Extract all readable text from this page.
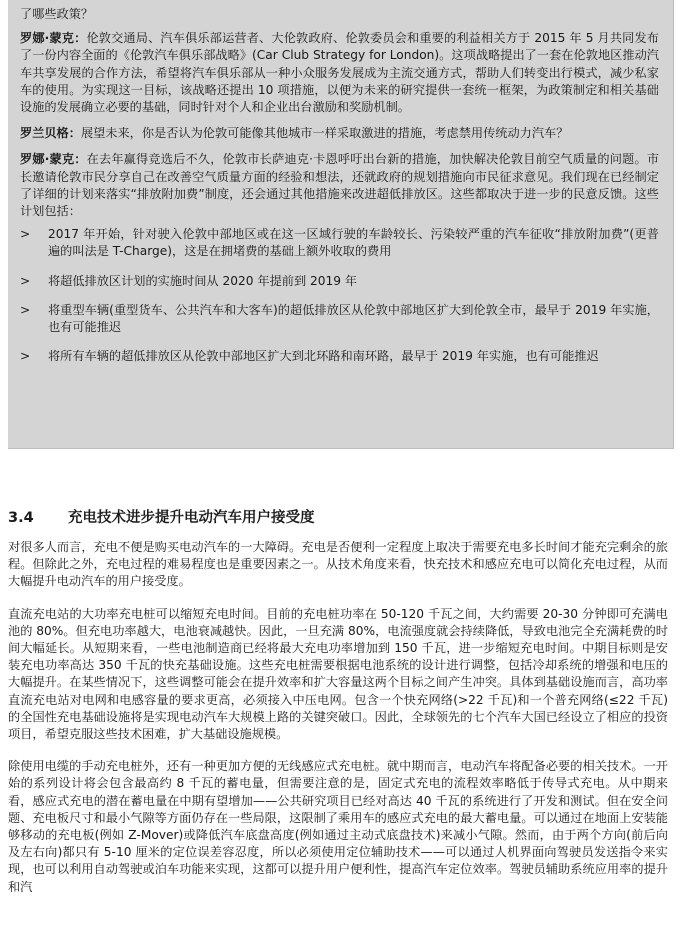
了哪些政策？

罗娜·蒙克：伦敦交通局、汽车俱乐部运营者、大伦敦政府、伦敦委员会和重要的利益相关方于 2015 年 5 月共同发布了一份内容全面的《伦敦汽车俱乐部战略》(Car Club Strategy for London)。这项战略提出了一套在伦敦地区推动汽车共享发展的合作方法，希望将汽车俱乐部从一种小众服务发展成为主流交通方式，帮助人们转变出行模式，减少私家车的使用。为实现这一目标，该战略还提出 10 项措施，以便为未来的研究提供一套统一框架，为政策制定和相关基础设施的发展确立必要的基础，同时针对个人和企业出台激励和奖励机制。

罗兰贝格：展望未来，你是否认为伦敦可能像其他城市一样采取激进的措施，考虑禁用传统动力汽车？

罗娜·蒙克：在去年赢得竞选后不久，伦敦市长萨迪克·卡恩呼吁出台新的措施，加快解决伦敦目前空气质量的问题。市长邀请伦敦市民分享自己在改善空气质量方面的经验和想法，还就政府的规划措施向市民征求意见。我们现在已经制定了详细的计划来落实“排放附加费”制度，还会通过其他措施来改进超低排放区。这些都取决于进一步的民意反馈。这些计划包括：

> 2017 年开始，针对驶入伦敦中部地区或在这一区域行驶的车龄较长、污染较严重的汽车征收“排放附加费”(更普遍的叫法是 T-Charge)，这是在拥堵费的基础上额外收取的费用
> 将超低排放区计划的实施时间从 2020 年提前到 2019 年
> 将重型车辆(重型货车、公共汽车和大客车)的超低排放区从伦敦中部地区扩大到伦敦全市，最早于 2019 年实施，也有可能推迟
> 将所有车辆的超低排放区从伦敦中部地区扩大到北环路和南环路，最早于 2019 年实施，也有可能推迟
3.4	充电技术进步提升电动汽车用户接受度

对很多人而言，充电不便是购买电动汽车的一大障碍。充电是否便利一定程度上取决于需要充电多长时间才能充完剩余的旅程。但除此之外，充电过程的难易程度也是重要因素之一。从技术角度来看，快充技术和感应充电可以简化充电过程，从而大幅提升电动汽车的用户接受度。

直流充电站的大功率充电桩可以缩短充电时间。目前的充电桩功率在 50-120 千瓦之间，大约需要 20-30 分钟即可充满电池的 80%。但充电功率越大，电池衰减越快。因此，一旦充满 80%，电流强度就会持续降低，导致电池完全充满耗费的时间大幅延长。从短期来看，一些电池制造商已经将最大充电功率增加到 150 千瓦，进一步缩短充电时间。中期目标则是安装充电功率高达 350 千瓦的快充基础设施。这些充电桩需要根据电池系统的设计进行调整，包括冷却系统的增强和电压的大幅提升。在某些情况下，这些调整可能会在提升效率和扩大容量这两个目标之间产生冲突。具体到基础设施而言，高功率直流充电站对电网和电感容量的要求更高，必须接入中压电网。包含一个快充网络(>22 千瓦)和一个普充网络(≤22 千瓦)的全国性充电基础设施将是实现电动汽车大规模上路的关键突破口。因此，全球领先的七个汽车大国已经设立了相应的投资项目，希望克服这些技术困难，扩大基础设施规模。

除使用电缆的手动充电桩外，还有一种更加方便的无线感应式充电桩。就中期而言，电动汽车将配备必要的相关技术。一开始的系列设计将会包含最高约 8 千瓦的蓄电量，但需要注意的是，固定式充电的流程效率略低于传导式充电。从中期来看，感应式充电的潜在蓄电量在中期有望增加——公共研究项目已经对高达 40 千瓦的系统进行了开发和测试。但在安全问题、充电板尺寸和最小气隙等方面仍存在一些局限，这限制了乘用车的感应式充电的最大蓄电量。可以通过在地面上安装能够移动的充电板(例如 Z-Mover)或降低汽车底盘高度(例如通过主动式底盘技术)来减小气隙。然而，由于两个方向(前后向及左右向)都只有 5-10 厘米的定位误差容忍度，所以必须使用定位辅助技术——可以通过人机界面向驾驶员发送指令来实现，也可以利用自动驾驶或泊车功能来实现，这都可以提升用户便利性，提高汽车定位效率。驾驶员辅助系统应用率的提升和汽
